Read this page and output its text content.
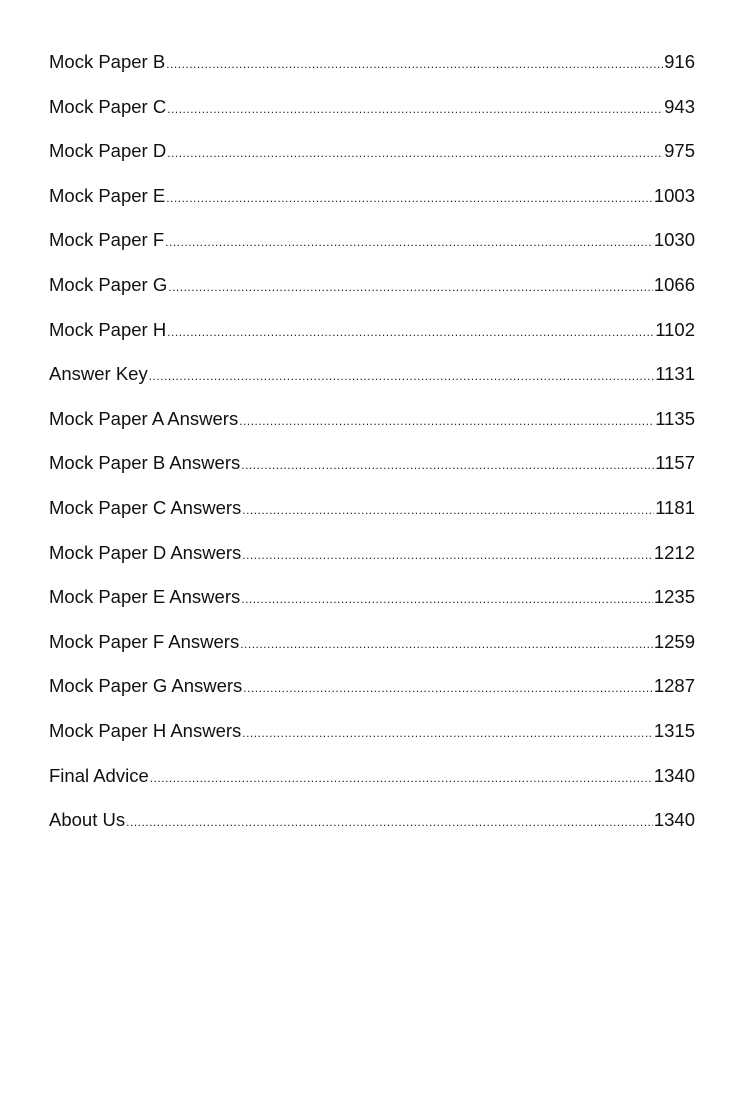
Mock Paper B .....	916
Mock Paper C .....	943
Mock Paper D .....	975
Mock Paper E .....	1003
Mock Paper F .....	1030
Mock Paper G .....	1066
Mock Paper H .....	1102
Answer Key .....	1131
Mock Paper A Answers .....	1135
Mock Paper B Answers .....	1157
Mock Paper C Answers .....	1181
Mock Paper D Answers .....	1212
Mock Paper E Answers .....	1235
Mock Paper F Answers .....	1259
Mock Paper G Answers .....	1287
Mock Paper H Answers .....	1315
Final Advice .....	1340
About Us .....	1340
